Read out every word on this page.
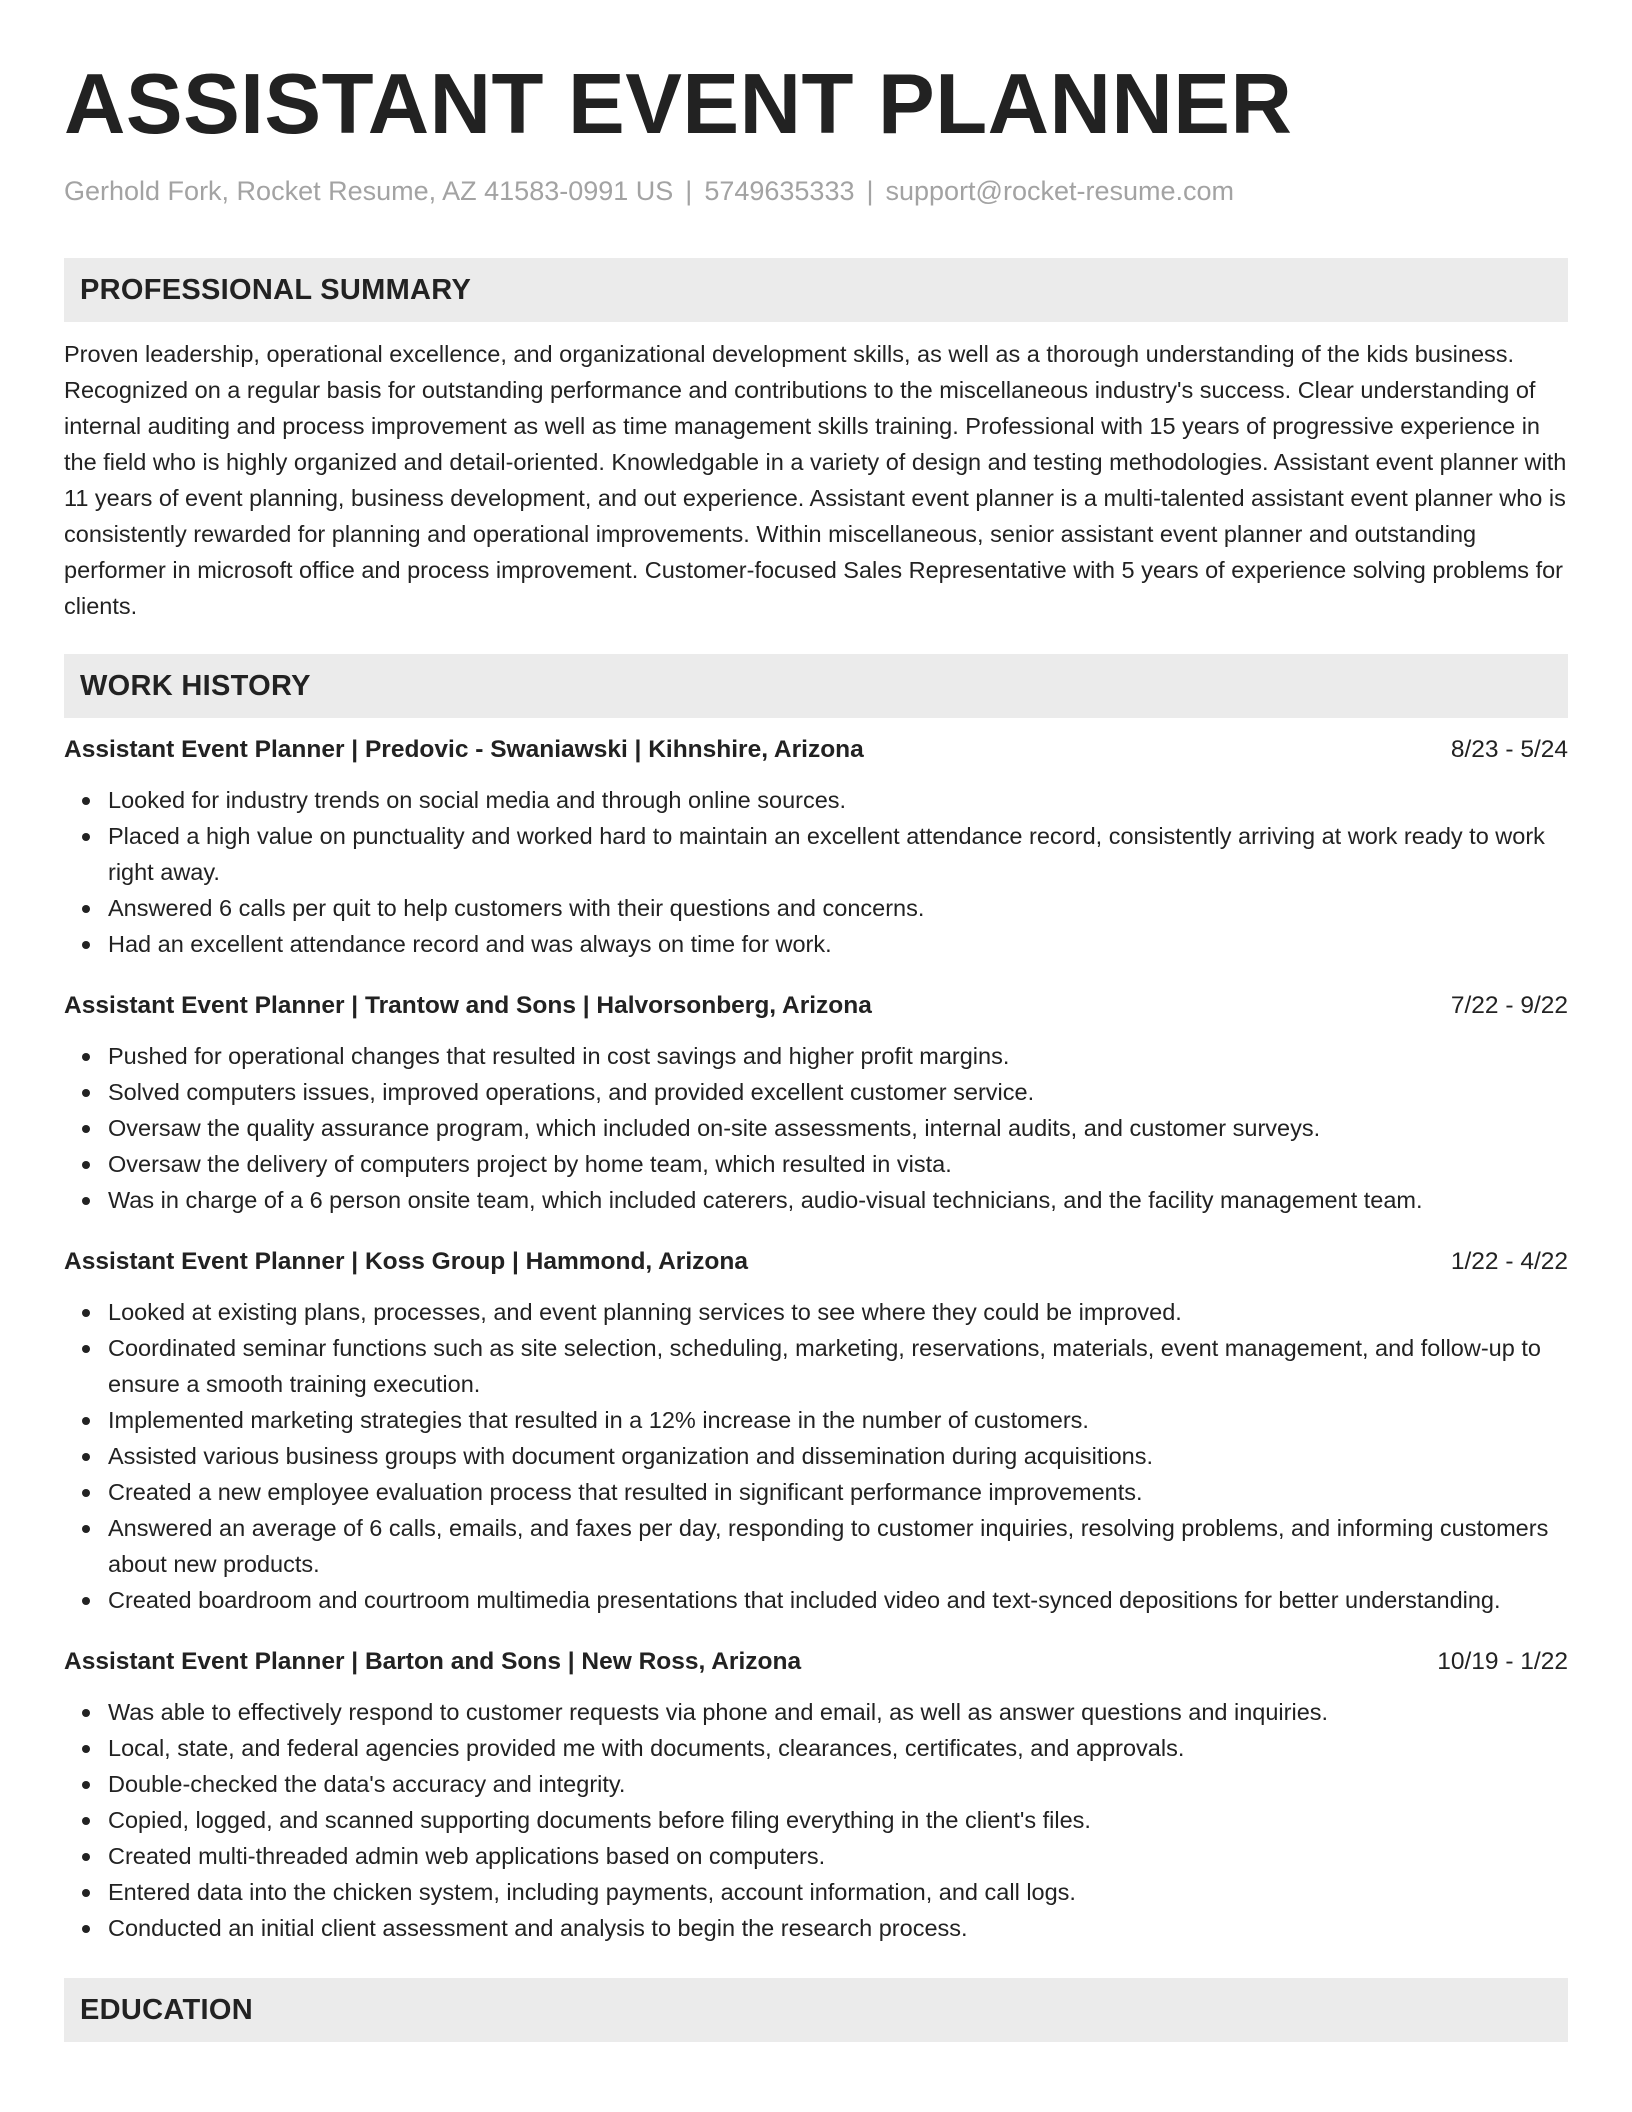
ASSISTANT EVENT PLANNER
Gerhold Fork, Rocket Resume, AZ 41583-0991 US | 5749635333 | support@rocket-resume.com
PROFESSIONAL SUMMARY

Proven leadership, operational excellence, and organizational development skills, as well as a thorough understanding of the kids business. Recognized on a regular basis for outstanding performance and contributions to the miscellaneous industry's success. Clear understanding of internal auditing and process improvement as well as time management skills training. Professional with 15 years of progressive experience in the field who is highly organized and detail-oriented. Knowledgable in a variety of design and testing methodologies. Assistant event planner with 11 years of event planning, business development, and out experience. Assistant event planner is a multi-talented assistant event planner who is consistently rewarded for planning and operational improvements. Within miscellaneous, senior assistant event planner and outstanding performer in microsoft office and process improvement. Customer-focused Sales Representative with 5 years of experience solving problems for clients.

WORK HISTORY
Assistant Event Planner | Predovic - Swaniawski | Kihnshire, Arizona	8/23 - 5/24
Looked for industry trends on social media and through online sources.
Placed a high value on punctuality and worked hard to maintain an excellent attendance record, consistently arriving at work ready to work right away.
Answered 6 calls per quit to help customers with their questions and concerns.
Had an excellent attendance record and was always on time for work.
Assistant Event Planner | Trantow and Sons | Halvorsonberg, Arizona	7/22 - 9/22
Pushed for operational changes that resulted in cost savings and higher profit margins.
Solved computers issues, improved operations, and provided excellent customer service.
Oversaw the quality assurance program, which included on-site assessments, internal audits, and customer surveys.
Oversaw the delivery of computers project by home team, which resulted in vista.
Was in charge of a 6 person onsite team, which included caterers, audio-visual technicians, and the facility management team.
Assistant Event Planner | Koss Group | Hammond, Arizona	1/22 - 4/22
Looked at existing plans, processes, and event planning services to see where they could be improved.
Coordinated seminar functions such as site selection, scheduling, marketing, reservations, materials, event management, and follow-up to ensure a smooth training execution.
Implemented marketing strategies that resulted in a 12% increase in the number of customers.
Assisted various business groups with document organization and dissemination during acquisitions.
Created a new employee evaluation process that resulted in significant performance improvements.
Answered an average of 6 calls, emails, and faxes per day, responding to customer inquiries, resolving problems, and informing customers about new products.
Created boardroom and courtroom multimedia presentations that included video and text-synced depositions for better understanding.
Assistant Event Planner | Barton and Sons | New Ross, Arizona	10/19 - 1/22
Was able to effectively respond to customer requests via phone and email, as well as answer questions and inquiries.
Local, state, and federal agencies provided me with documents, clearances, certificates, and approvals.
Double-checked the data's accuracy and integrity.
Copied, logged, and scanned supporting documents before filing everything in the client's files.
Created multi-threaded admin web applications based on computers.
Entered data into the chicken system, including payments, account information, and call logs.
Conducted an initial client assessment and analysis to begin the research process.
EDUCATION
